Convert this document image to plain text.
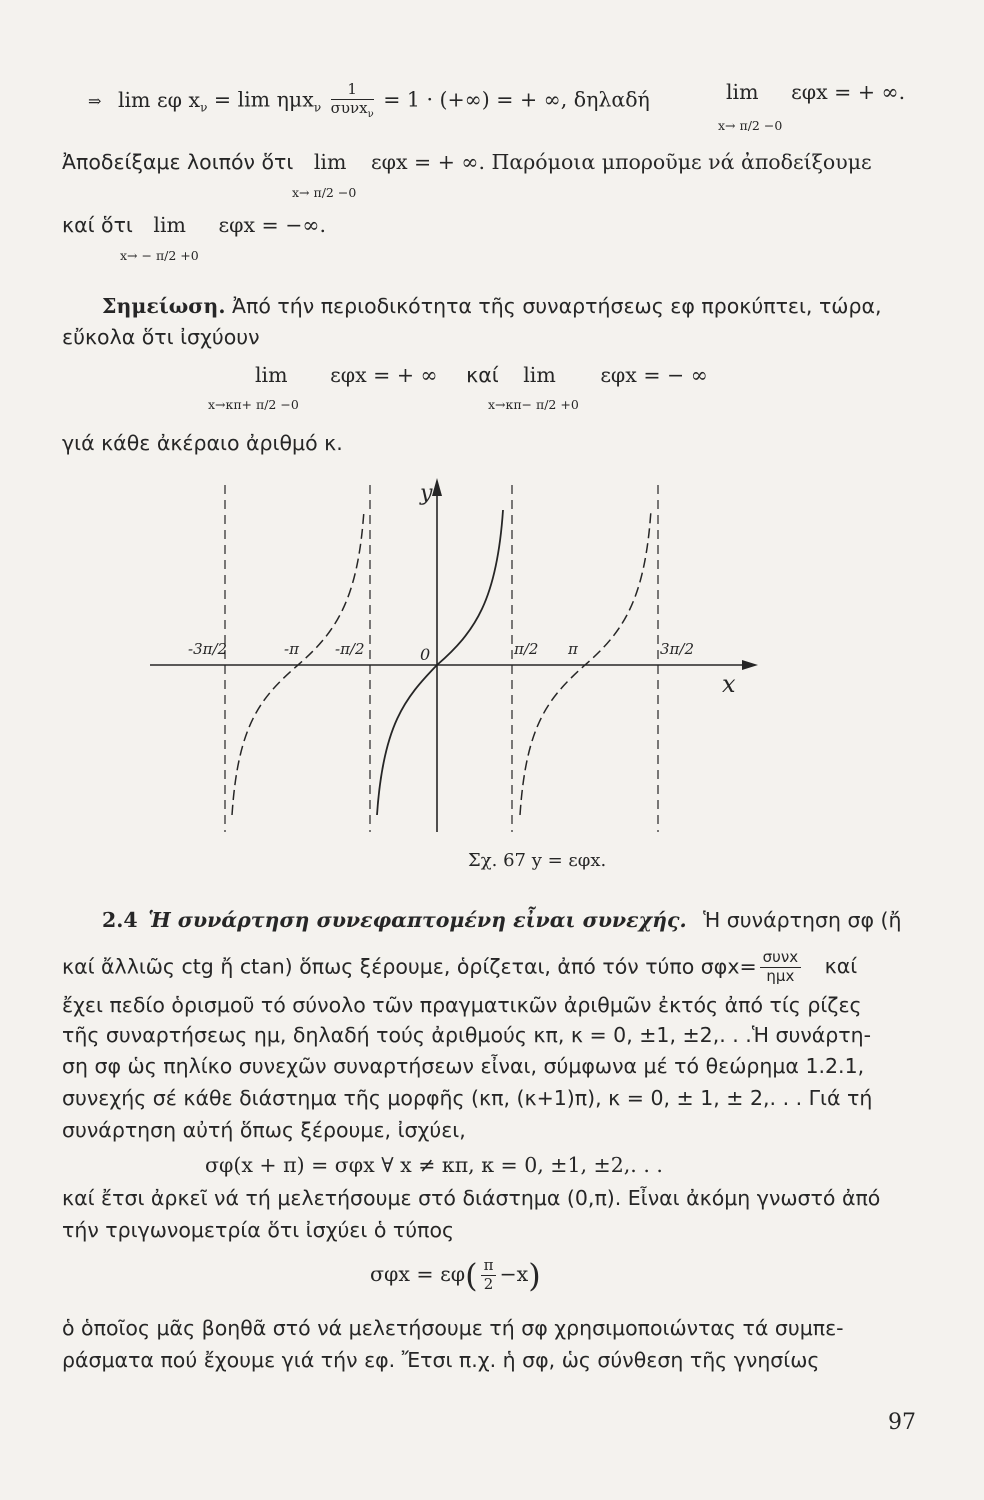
⇒ lim εφ $x_\nu = \lim \eta\mu x_\nu \frac{1}{\sigma\upsilon\nu x_\nu} = 1$ · (+∞) = + ∞, δηλαδή	lim εφx = + ∞.
x→ π/2 −0
Ἀποδείξαμε λοιπόν ὅτι lim εφx = + ∞. Παρόμοια μποροῦμε νά ἀποδείξουμε
x→ π/2 −0
καί ὅτι lim εφx = −∞.
x→ − π/2 +0
Σημείωση. Ἀπό τήν περιοδικότητα τῆς συναρτήσεως εφ προκύπτει, τώρα,
εὔκολα ὅτι ἰσχύουν
lim εφx = + ∞ καί lim εφx = − ∞
x→κπ+ π/2 −0	x→κπ− π/2 +0
γιά κάθε ἀκέραιο ἀριθμό κ.
y
x
0
-3π/2	-π -π/2	π/2 π	3π/2
Σχ. 67 y = εφx.
2.4 Ἡ συνάρτηση συνεφαπτομένη εἶναι συνεχής. Ἡ συνάρτηση σφ (ἤ
καί ἄλλιῶς ctg ἤ ctan) ὅπως ξέρουμε, ὁρίζεται, ἀπό τόν τύπο $\sigma\varphi x= \frac{\text{συνx}}{\text{ημx}}$ καί
ἔχει πεδίο ὁρισμοῦ τό σύνολο τῶν πραγματικῶν ἀριθμῶν ἐκτός ἀπό τίς ρίζες
τῆς συναρτήσεως ημ, δηλαδή τούς ἀριθμούς κπ, κ = 0, ±1, ±2,. . .Ἡ συνάρτη-
ση σφ ὡς πηλίκο συνεχῶν συναρτήσεων εἶναι, σύμφωνα μέ τό θεώρημα 1.2.1,
συνεχής σέ κάθε διάστημα τῆς μορφῆς (κπ, (κ+1)π), κ = 0, ± 1, ± 2,. . . Γιά τή
συνάρτηση αὐτή ὅπως ξέρουμε, ἰσχύει,
σφ(x + π) = σφx ∀ x ≠ κπ, κ = 0, ±1, ±2,. . .
καί ἔτσι ἀρκεῖ νά τή μελετήσουμε στό διάστημα (0,π). Εἶναι ἀκόμη γνωστό ἀπό
τήν τριγωνομετρία ὅτι ἰσχύει ὁ τύπος
$\sigma\varphi x = \varepsilon\varphi( \frac{\pi}{2} -x)$
ὁ ὁποῖος μᾶς βοηθᾶ στό νά μελετήσουμε τή σφ χρησιμοποιώντας τά συμπε-
ράσματα πού ἔχουμε γιά τήν εφ. Ἔτσι π.χ. ἡ σφ, ὡς σύνθεση τῆς γνησίως
97
